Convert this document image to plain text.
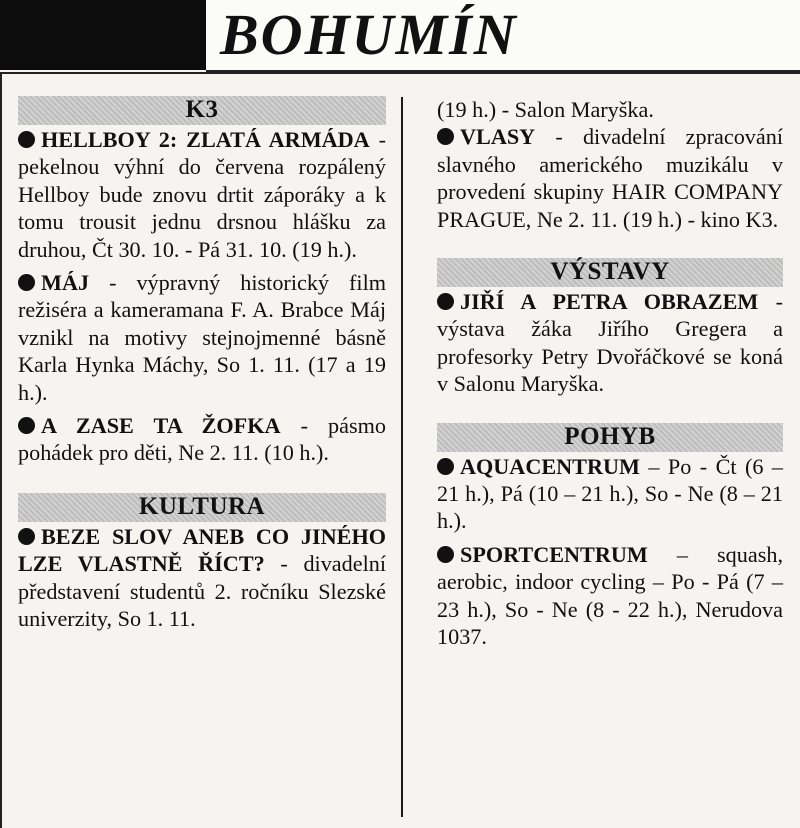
BOHUMÍN
K3
HELLBOY 2: ZLATÁ ARMÁDA - pekelnou výhní do červena rozpálený Hellboy bude znovu drtit záporáky a k tomu trousit jednu drsnou hlášku za druhou, Čt 30. 10. - Pá 31. 10. (19 h.).
MÁJ - výpravný historický film režiséra a kameramana F. A. Brabce Máj vznikl na motivy stejnojmenné básně Karla Hynka Máchy, So 1. 11. (17 a 19 h.).
A ZASE TA ŽOFKA - pásmo pohádek pro děti, Ne 2. 11. (10 h.).
KULTURA
BEZE SLOV ANEB CO JINÉHO LZE VLASTNĚ ŘÍCT? - divadelní představení studentů 2. ročníku Slezské univerzity, So 1. 11.
(19 h.) - Salon Maryška.
VLASY - divadelní zpracování slavného amerického muzikálu v provedení skupiny HAIR COMPANY PRAGUE, Ne 2. 11. (19 h.) - kino K3.
VÝSTAVY
JIŘÍ A PETRA OBRAZEM - výstava žáka Jiřího Gregera a profesorky Petry Dvořáčkové se koná v Salonu Maryška.
POHYB
AQUACENTRUM – Po - Čt (6 – 21 h.), Pá (10 – 21 h.), So - Ne (8 – 21 h.).
SPORTCENTRUM – squash, aerobic, indoor cycling – Po - Pá (7 – 23 h.), So - Ne (8 - 22 h.), Nerudova 1037.
